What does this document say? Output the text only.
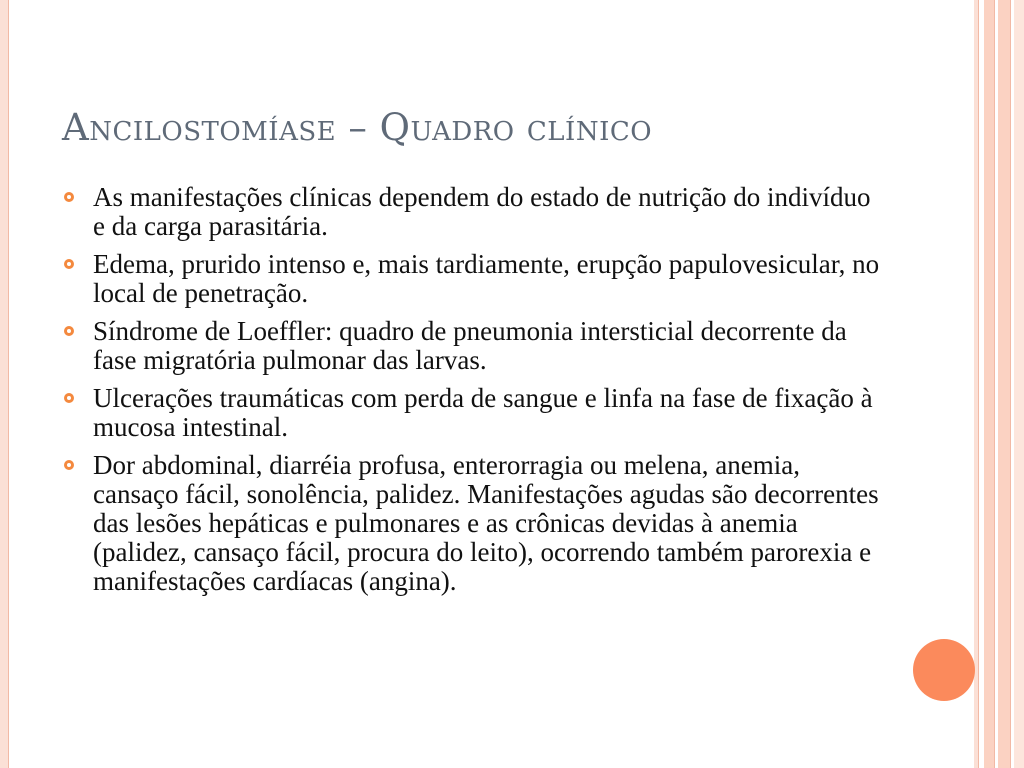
Ancilostomíase – Quadro clínico
As manifestações clínicas dependem do estado de nutrição do indivíduo e da carga parasitária.
Edema, prurido intenso e, mais tardiamente, erupção papulovesicular, no local de penetração.
Síndrome de Loeffler: quadro de pneumonia intersticial decorrente da fase migratória pulmonar das larvas.
Ulcerações traumáticas com perda de sangue e linfa na fase de fixação à mucosa intestinal.
Dor abdominal, diarréia profusa, enterorragia ou melena, anemia, cansaço fácil, sonolência, palidez. Manifestações agudas são decorrentes das lesões hepáticas e pulmonares e as crônicas devidas à anemia (palidez, cansaço fácil, procura do leito), ocorrendo também parorexia e manifestações cardíacas (angina).
